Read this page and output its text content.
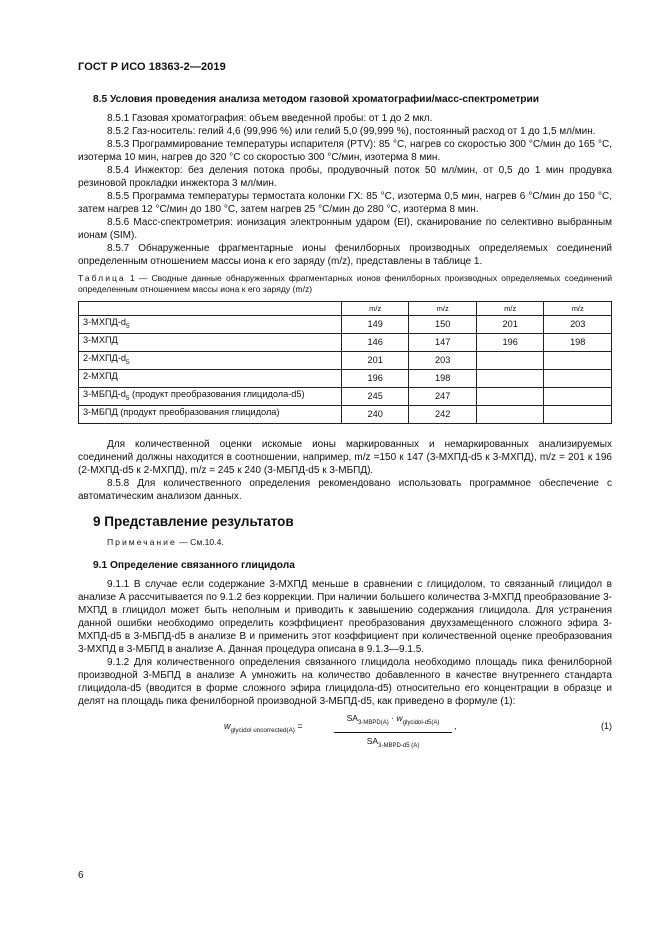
ГОСТ Р ИСО 18363-2—2019
8.5 Условия проведения анализа методом газовой хроматографии/масс-спектрометрии

8.5.1 Газовая хроматография: объем введенной пробы: от 1 до 2 мкл.

8.5.2 Газ-носитель: гелий 4,6 (99,996 %) или гелий 5,0 (99,999 %), постоянный расход от 1 до 1,5 мл/мин.

8.5.3 Программирование температуры испарителя (PTV): 85 °C, нагрев со скоростью 300 °C/мин до 165 °C, изотерма 10 мин, нагрев до 320 °C со скоростью 300 °C/мин, изотерма 8 мин.

8.5.4 Инжектор: без деления потока пробы, продувочный поток 50 мл/мин, от 0,5 до 1 мин продувка резиновой прокладки инжектора 3 мл/мин.

8.5.5 Программа температуры термостата колонки ГХ: 85 °C, изотерма 0,5 мин, нагрев 6 °C/мин до 150 °C, затем нагрев 12 °C/мин до 180 °C, затем нагрев 25 °C/мин до 280 °C, изотерма 8 мин.

8.5.6 Масс-спектрометрия: ионизация электронным ударом (EI), сканирование по селективно выбранным ионам (SIM).

8.5.7 Обнаруженные фрагментарные ионы фенилборных производных определяемых соединений определенным отношением массы иона к его заряду (m/z), представлены в таблице 1.

Таблица 1 — Сводные данные обнаруженных фрагментарных ионов фенилборных производных определяемых соединений определенным отношением массы иона к его заряду (m/z)
	m/z	m/z	m/z	m/z
$3-МХПД-d_5$	149	150	201	203
3-МХПД	146	147	196	198
$2-МХПД-d_5$	201	203		
2-МХПД	196	198		
$3-МБПД-d_5$ (продукт преобразования глицидола-d5)	245	247		
3-МБПД (продукт преобразования глицидола)	240	242		

Для количественной оценки искомые ионы маркированных и немаркированных анализируемых соединений должны находится в соотношении, например, m/z =150 к 147 (3-МХПД-d5 к 3-МХПД), m/z = 201 к 196 (2-МХПД-d5 к 2-МХПД), m/z = 245 к 240 (3-МБПД-d5 к 3-МБПД).

8.5.8 Для количественного определения рекомендовано использовать программное обеспечение с автоматическим анализом данных.

9 Представление результатов
Примечание — См.10.4.
9.1 Определение связанного глицидола

9.1.1 В случае если содержание 3-МХПД меньше в сравнении с глицидолом, то связанный глицидол в анализе А рассчитывается по 9.1.2 без коррекции. При наличии большего количества 3-МХПД преобразование 3-МХПД в глицидол может быть неполным и приводить к завышению содержания глицидола. Для устранения данной ошибки необходимо определить коэффициент преобразования двухзамещенного сложного эфира 3-МХПД-d5 в 3-МБПД-d5 в анализе В и применить этот коэффициент при количественной оценке преобразования 3-МХПД в 3-МБПД в анализе А. Данная процедура описана в 9.1.3—9.1.5.

9.1.2 Для количественного определения связанного глицидола необходимо площадь пика фенилборной производной 3-МБПД в анализе А умножить на количество добавленного в качестве внутреннего стандарта глицидола-d5 (вводится в форме сложного эфира глицидола-d5) относительно его концентрации в образце и делят на площадь пика фенилборной производной 3-МБПД-d5, как приведено в формуле (1):

$w_{glycidol uncorrected(A)}$ =
$SA_{3-MBPD(A)} \cdot w_{glycidol-d5(A)}$
$SA_{3-MBPD-d5 (A)}$
,	(1)
6
